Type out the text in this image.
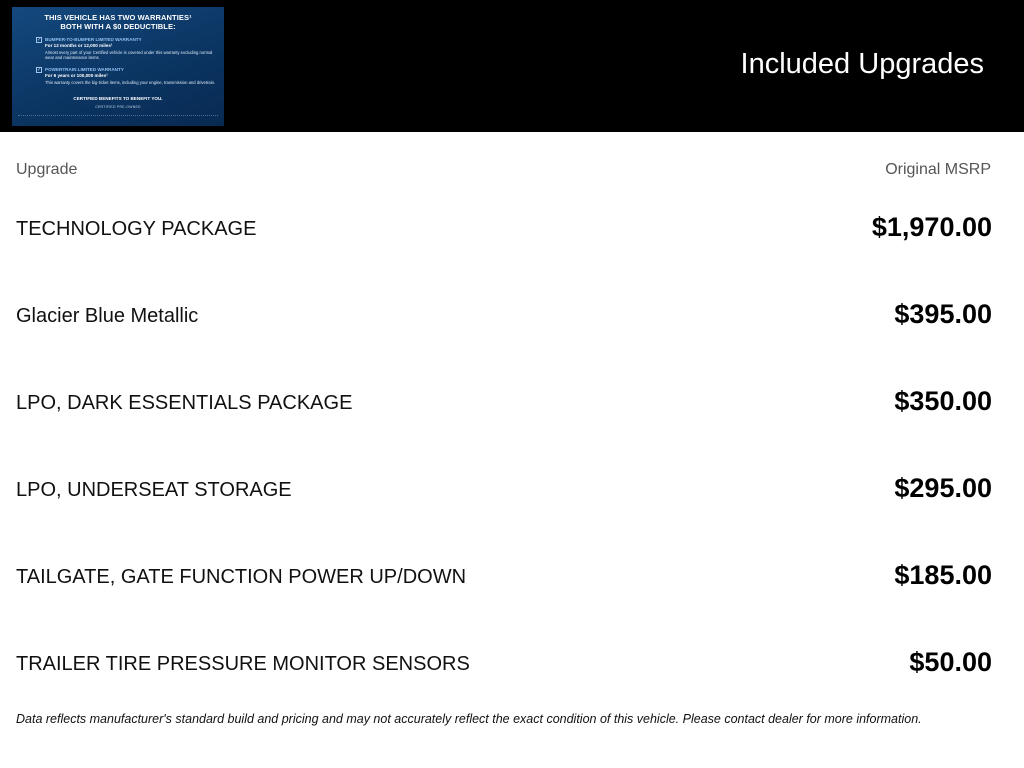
THIS VEHICLE HAS TWO WARRANTIES¹
BOTH WITH A $0 DEDUCTIBLE:
✓ BUMPER-TO-BUMPER LIMITED WARRANTY
For 12 months or 12,000 miles¹
Almost every part of your Certified vehicle is covered under this warranty excluding normal wear and maintenance items.
✓ POWERTRAIN LIMITED WARRANTY
For 6 years or 100,000 miles¹
This warranty covers the big-ticket items, including your engine, transmission and drivetrain.
CERTIFIED BENEFITS TO BENEFIT YOU.
CERTIFIED PRE-OWNED
Included Upgrades
Upgrade	Original MSRP
TECHNOLOGY PACKAGE	$1,970.00
Glacier Blue Metallic	$395.00
LPO, DARK ESSENTIALS PACKAGE	$350.00
LPO, UNDERSEAT STORAGE	$295.00
TAILGATE, GATE FUNCTION POWER UP/DOWN	$185.00
TRAILER TIRE PRESSURE MONITOR SENSORS	$50.00
Data reflects manufacturer's standard build and pricing and may not accurately reflect the exact condition of this vehicle. Please contact dealer for more information.
